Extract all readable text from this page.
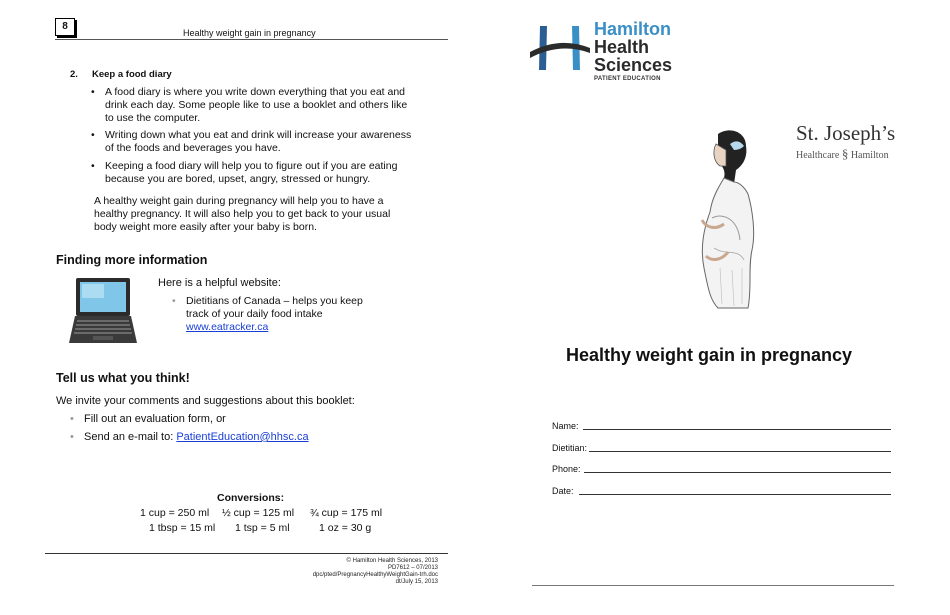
8
Healthy weight gain in pregnancy
2. Keep a food diary
• A food diary is where you write down everything that you eat and
drink each day. Some people like to use a booklet and others like
to use the computer.
• Writing down what you eat and drink will increase your awareness
of the foods and beverages you have.
• Keeping a food diary will help you to figure out if you are eating
because you are bored, upset, angry, stressed or hungry.
A healthy weight gain during pregnancy will help you to have a
healthy pregnancy. It will also help you to get back to your usual
body weight more easily after your baby is born.
Finding more information
Here is a helpful website:
• Dietitians of Canada – helps you keep
track of your daily food intake
www.eatracker.ca
Tell us what you think!
We invite your comments and suggestions about this booklet:
• Fill out an evaluation form, or
• Send an e-mail to: PatientEducation@hhsc.ca
Conversions:
1 cup = 250 ml ½ cup = 125 ml ¾ cup = 175 ml
1 tbsp = 15 ml 1 tsp = 5 ml	1 oz = 30 g
© Hamilton Health Sciences, 2013
PD7612 – 07/2013
dpc/pted/PregnancyHealthyWeightGain-trh.doc
dt/July 15, 2013
Hamilton
Health
Sciences
PATIENT EDUCATION
St. Joseph’s
Healthcare § Hamilton
Healthy weight gain in pregnancy
Name:
Dietitian:
Phone:
Date:
